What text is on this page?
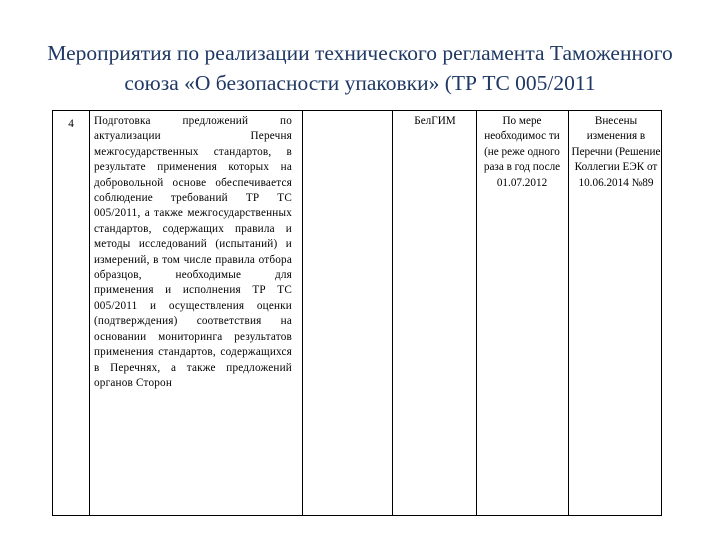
4	Подготовка предложений по актуализации Перечня межгосударственных стандартов, в результате применения которых на добровольной основе обеспечивается соблюдение требований ТР ТС 005/2011, а также межгосударственных стандартов, содержащих правила и методы исследований (испытаний) и измерений, в том числе правила отбора образцов, необходимые для применения и исполнения ТР ТС 005/2011 и осуществления оценки (подтверждения) соответствия на основании мониторинга результатов применения стандартов, содержащихся в Перечнях, а также предложений органов Сторон
БелГИМ	По мере необходимос ти (не реже одного раза в год после 01.07.2012
Внесены изменения в Перечни (Решение Коллегии ЕЭК от 10.06.2014 №89
Мероприятия по реализации технического регламента Таможенного союза «О безопасности упаковки» (ТР ТС 005/2011
